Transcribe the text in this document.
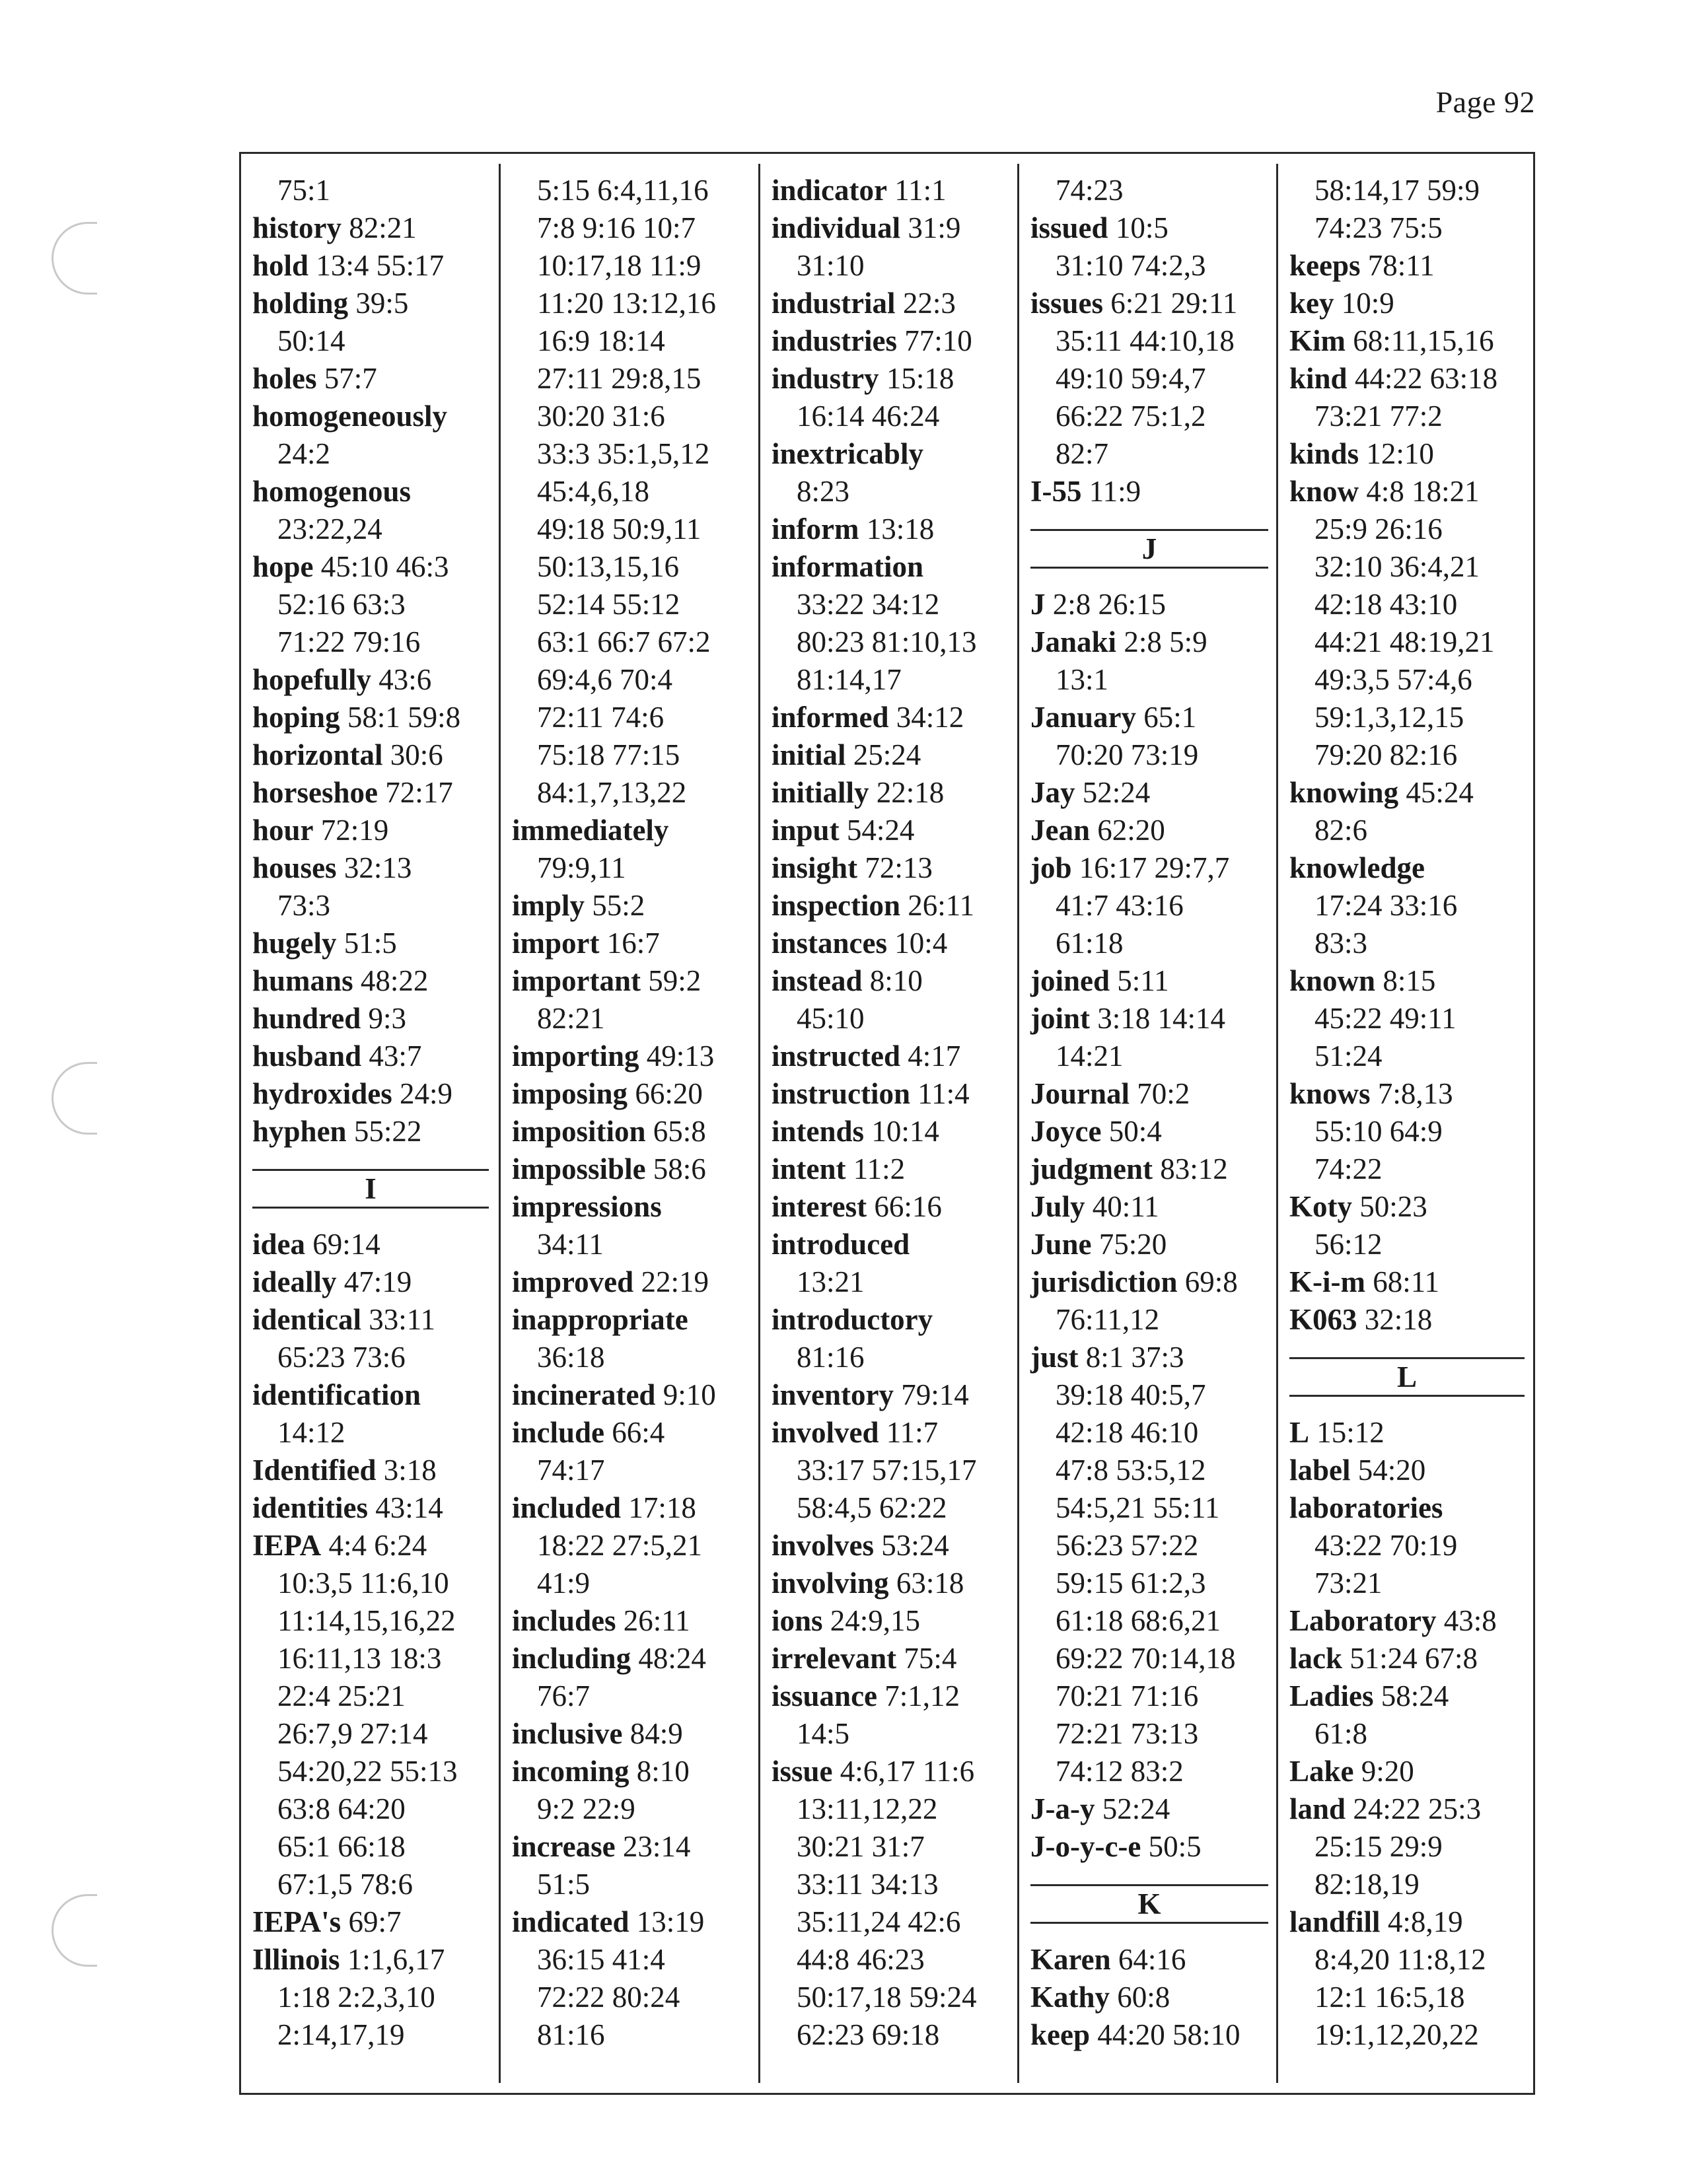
Page 92
75:1
history 82:21
hold 13:4 55:17
holding 39:5
50:14
holes 57:7
homogeneously
24:2
homogenous
23:22,24
hope 45:10 46:3
52:16 63:3
71:22 79:16
hopefully 43:6
hoping 58:1 59:8
horizontal 30:6
horseshoe 72:17
hour 72:19
houses 32:13
73:3
hugely 51:5
humans 48:22
hundred 9:3
husband 43:7
hydroxides 24:9
hyphen 55:22
I
idea 69:14
ideally 47:19
identical 33:11
65:23 73:6
identification
14:12
Identified 3:18
identities 43:14
IEPA 4:4 6:24
10:3,5 11:6,10
11:14,15,16,22
16:11,13 18:3
22:4 25:21
26:7,9 27:14
54:20,22 55:13
63:8 64:20
65:1 66:18
67:1,5 78:6
IEPA's 69:7
Illinois 1:1,6,17
1:18 2:2,3,10
2:14,17,19
5:15 6:4,11,16
7:8 9:16 10:7
10:17,18 11:9
11:20 13:12,16
16:9 18:14
27:11 29:8,15
30:20 31:6
33:3 35:1,5,12
45:4,6,18
49:18 50:9,11
50:13,15,16
52:14 55:12
63:1 66:7 67:2
69:4,6 70:4
72:11 74:6
75:18 77:15
84:1,7,13,22
immediately
79:9,11
imply 55:2
import 16:7
important 59:2
82:21
importing 49:13
imposing 66:20
imposition 65:8
impossible 58:6
impressions
34:11
improved 22:19
inappropriate
36:18
incinerated 9:10
include 66:4
74:17
included 17:18
18:22 27:5,21
41:9
includes 26:11
including 48:24
76:7
inclusive 84:9
incoming 8:10
9:2 22:9
increase 23:14
51:5
indicated 13:19
36:15 41:4
72:22 80:24
81:16
indicator 11:1
individual 31:9
31:10
industrial 22:3
industries 77:10
industry 15:18
16:14 46:24
inextricably
8:23
inform 13:18
information
33:22 34:12
80:23 81:10,13
81:14,17
informed 34:12
initial 25:24
initially 22:18
input 54:24
insight 72:13
inspection 26:11
instances 10:4
instead 8:10
45:10
instructed 4:17
instruction 11:4
intends 10:14
intent 11:2
interest 66:16
introduced
13:21
introductory
81:16
inventory 79:14
involved 11:7
33:17 57:15,17
58:4,5 62:22
involves 53:24
involving 63:18
ions 24:9,15
irrelevant 75:4
issuance 7:1,12
14:5
issue 4:6,17 11:6
13:11,12,22
30:21 31:7
33:11 34:13
35:11,24 42:6
44:8 46:23
50:17,18 59:24
62:23 69:18
74:23
issued 10:5
31:10 74:2,3
issues 6:21 29:11
35:11 44:10,18
49:10 59:4,7
66:22 75:1,2
82:7
I-55 11:9
J
J 2:8 26:15
Janaki 2:8 5:9
13:1
January 65:1
70:20 73:19
Jay 52:24
Jean 62:20
job 16:17 29:7,7
41:7 43:16
61:18
joined 5:11
joint 3:18 14:14
14:21
Journal 70:2
Joyce 50:4
judgment 83:12
July 40:11
June 75:20
jurisdiction 69:8
76:11,12
just 8:1 37:3
39:18 40:5,7
42:18 46:10
47:8 53:5,12
54:5,21 55:11
56:23 57:22
59:15 61:2,3
61:18 68:6,21
69:22 70:14,18
70:21 71:16
72:21 73:13
74:12 83:2
J-a-y 52:24
J-o-y-c-e 50:5
K
Karen 64:16
Kathy 60:8
keep 44:20 58:10
58:14,17 59:9
74:23 75:5
keeps 78:11
key 10:9
Kim 68:11,15,16
kind 44:22 63:18
73:21 77:2
kinds 12:10
know 4:8 18:21
25:9 26:16
32:10 36:4,21
42:18 43:10
44:21 48:19,21
49:3,5 57:4,6
59:1,3,12,15
79:20 82:16
knowing 45:24
82:6
knowledge
17:24 33:16
83:3
known 8:15
45:22 49:11
51:24
knows 7:8,13
55:10 64:9
74:22
Koty 50:23
56:12
K-i-m 68:11
K063 32:18
L
L 15:12
label 54:20
laboratories
43:22 70:19
73:21
Laboratory 43:8
lack 51:24 67:8
Ladies 58:24
61:8
Lake 9:20
land 24:22 25:3
25:15 29:9
82:18,19
landfill 4:8,19
8:4,20 11:8,12
12:1 16:5,18
19:1,12,20,22
